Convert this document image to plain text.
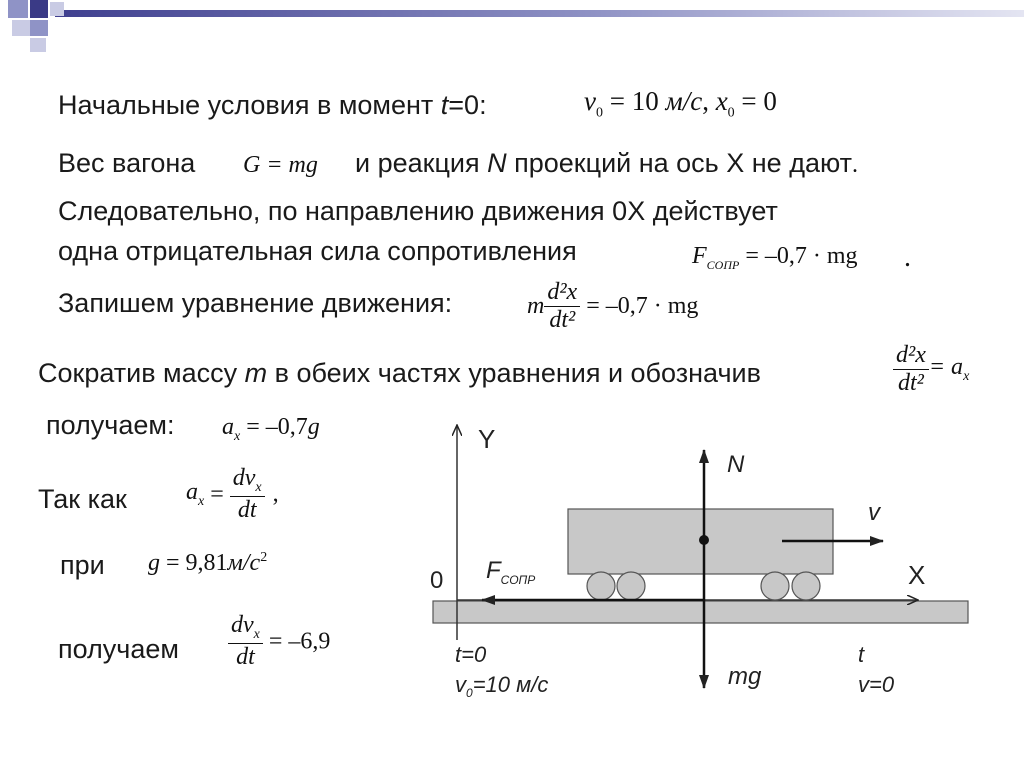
Начальные условия в момент t=0:	$v_0 = 10$ м/с, $x_0 = 0$
Вес вагона G = mg и реакция N проекций на ось X не дают.
Следовательно, по направлению движения 0X действует
одна отрицательная сила сопротивления	$F_{СОПР} = -0,7$ · mg .
Запишем уравнение движения:	m $\frac{\text{d²x}}{\text{dt²}} = -0,7$ · mg
Сократив массу m в обеих частях уравнения и обозначив	$\frac{\text{d²x}}{\text{dt²}} = a_x$
получаем: $a_x = -0,7g$
Так как $a_x = \frac{dv_x}{dt}$ ,
при $g = 9,81м/с^2$
получаем $\frac{dv_x}{dt} = -6,9$
Y
X
0
N
mg
v
$F_{СОПР}$
t=0
$v_0=10$ м/с
t
v=0
